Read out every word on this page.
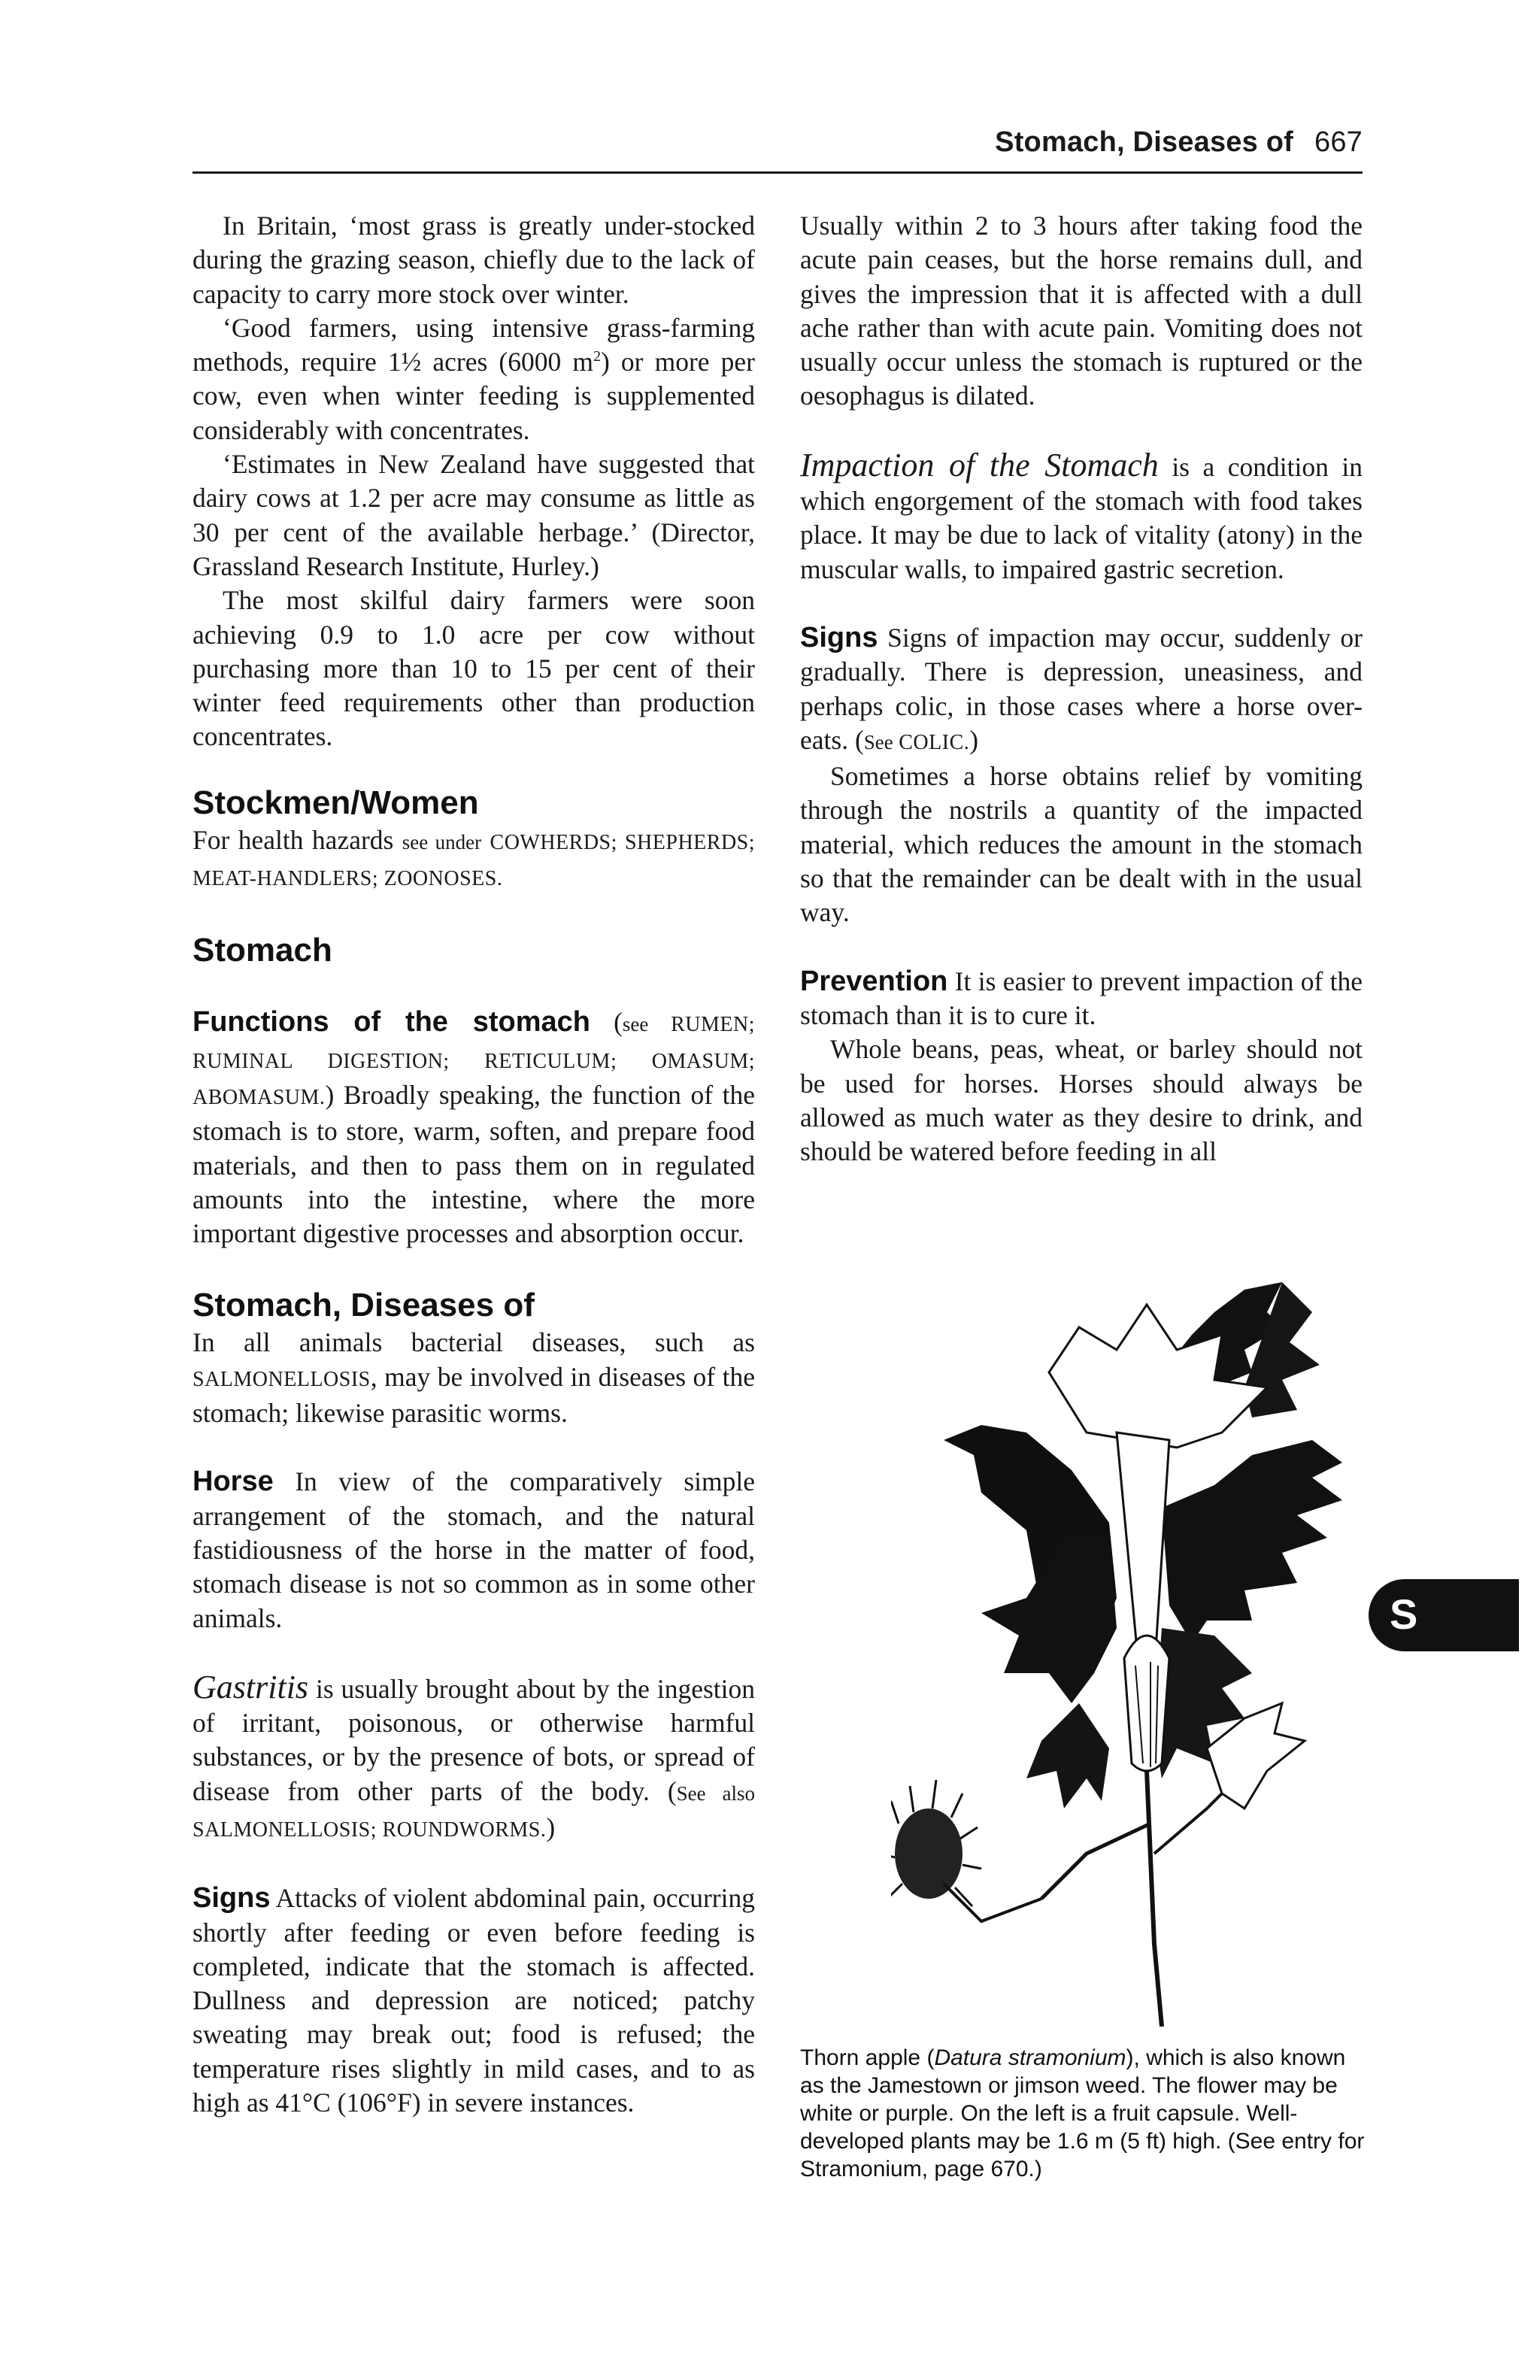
Stomach, Diseases of 667

In Britain, ‘most grass is greatly under-stocked during the grazing season, chiefly due to the lack of capacity to carry more stock over winter.

‘Good farmers, using intensive grass-farming methods, require 1½ acres (6000 $m^2$) or more per cow, even when winter feeding is supplemented considerably with concentrates.

‘Estimates in New Zealand have suggested that dairy cows at 1.2 per acre may consume as little as 30 per cent of the available herbage.’ (Director, Grassland Research Institute, Hurley.)

The most skilful dairy farmers were soon achieving 0.9 to 1.0 acre per cow without purchasing more than 10 to 15 per cent of their winter feed requirements other than production concentrates.

Stockmen/Women

For health hazards see under COWHERDS; SHEPHERDS; MEAT-HANDLERS; ZOONOSES.

Stomach

Functions of the stomach (see RUMEN; RUMINAL DIGESTION; RETICULUM; OMASUM; ABOMASUM.) Broadly speaking, the function of the stomach is to store, warm, soften, and prepare food materials, and then to pass them on in regulated amounts into the intestine, where the more important digestive processes and absorption occur.

Stomach, Diseases of

In all animals bacterial diseases, such as SALMONELLOSIS, may be involved in diseases of the stomach; likewise parasitic worms.

Horse In view of the comparatively simple arrangement of the stomach, and the natural fastidiousness of the horse in the matter of food, stomach disease is not so common as in some other animals.

Gastritis is usually brought about by the ingestion of irritant, poisonous, or otherwise harmful substances, or by the presence of bots, or spread of disease from other parts of the body. (See also SALMONELLOSIS; ROUNDWORMS.)

Signs Attacks of violent abdominal pain, occurring shortly after feeding or even before feeding is completed, indicate that the stomach is affected. Dullness and depression are noticed; patchy sweating may break out; food is refused; the temperature rises slightly in mild cases, and to as high as 41°C (106°F) in severe instances.

Usually within 2 to 3 hours after taking food the acute pain ceases, but the horse remains dull, and gives the impression that it is affected with a dull ache rather than with acute pain. Vomiting does not usually occur unless the stomach is ruptured or the oesophagus is dilated.

Impaction of the Stomach is a condition in which engorgement of the stomach with food takes place. It may be due to lack of vitality (atony) in the muscular walls, to impaired gastric secretion.

Signs Signs of impaction may occur, suddenly or gradually. There is depression, uneasiness, and perhaps colic, in those cases where a horse over-eats. (See COLIC.)

Sometimes a horse obtains relief by vomiting through the nostrils a quantity of the impacted material, which reduces the amount in the stomach so that the remainder can be dealt with in the usual way.

Prevention It is easier to prevent impaction of the stomach than it is to cure it.

Whole beans, peas, wheat, or barley should not be used for horses. Horses should always be allowed as much water as they desire to drink, and should be watered before feeding in all

Thorn apple (Datura stramonium), which is also known as the Jamestown or jimson weed. The flower may be white or purple. On the left is a fruit capsule. Well-developed plants may be 1.6 m (5 ft) high. (See entry for Stramonium, page 670.)
S
